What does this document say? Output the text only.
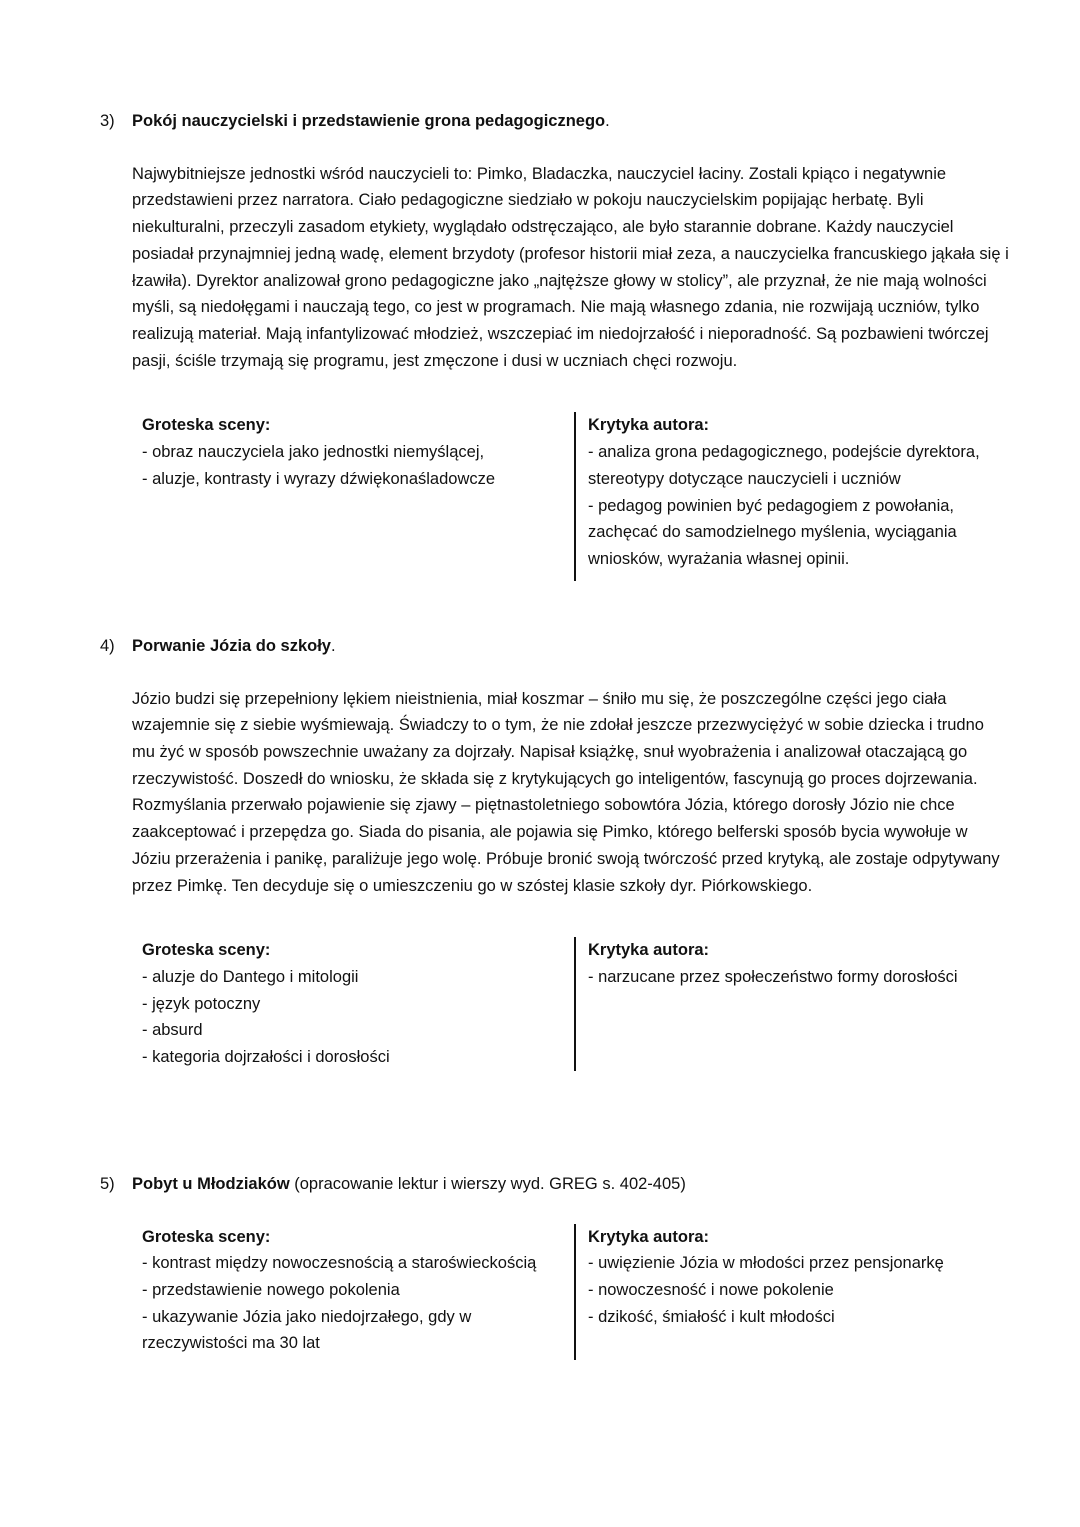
3) Pokój nauczycielski i przedstawienie grona pedagogicznego.

Najwybitniejsze jednostki wśród nauczycieli to: Pimko, Bladaczka, nauczyciel łaciny. Zostali kpiąco i negatywnie przedstawieni przez narratora. Ciało pedagogiczne siedziało w pokoju nauczycielskim popijając herbatę. Byli niekulturalni, przeczyli zasadom etykiety, wyglądało odstręczająco, ale było starannie dobrane. Każdy nauczyciel posiadał przynajmniej jedną wadę, element brzydoty (profesor historii miał zeza, a nauczycielka francuskiego jąkała się i łzawiła). Dyrektor analizował grono pedagogiczne jako „najtęższe głowy w stolicy”, ale przyznał, że nie mają wolności myśli, są niedołęgami i nauczają tego, co jest w programach. Nie mają własnego zdania, nie rozwijają uczniów, tylko realizują materiał. Mają infantylizować młodzież, wszczepiać im niedojrzałość i nieporadność. Są pozbawieni twórczej pasji, ściśle trzymają się programu, jest zmęczone i dusi w uczniach chęci rozwoju.

Groteska sceny:
- obraz nauczyciela jako jednostki niemyślącej,
- aluzje, kontrasty i wyrazy dźwiękonaśladowcze
Krytyka autora:
- analiza grona pedagogicznego, podejście dyrektora, stereotypy dotyczące nauczycieli i uczniów
- pedagog powinien być pedagogiem z powołania, zachęcać do samodzielnego myślenia, wyciągania wniosków, wyrażania własnej opinii.
4) Porwanie Józia do szkoły.

Józio budzi się przepełniony lękiem nieistnienia, miał koszmar – śniło mu się, że poszczególne części jego ciała wzajemnie się z siebie wyśmiewają. Świadczy to o tym, że nie zdołał jeszcze przezwyciężyć w sobie dziecka i trudno mu żyć w sposób powszechnie uważany za dojrzały. Napisał książkę, snuł wyobrażenia i analizował otaczającą go rzeczywistość. Doszedł do wniosku, że składa się z krytykujących go inteligentów, fascynują go proces dojrzewania. Rozmyślania przerwało pojawienie się zjawy – piętnastoletniego sobowtóra Józia, którego dorosły Józio nie chce zaakceptować i przepędza go. Siada do pisania, ale pojawia się Pimko, którego belferski sposób bycia wywołuje w Józiu przerażenia i panikę, paraliżuje jego wolę. Próbuje bronić swoją twórczość przed krytyką, ale zostaje odpytywany przez Pimkę. Ten decyduje się o umieszczeniu go w szóstej klasie szkoły dyr. Piórkowskiego.

Groteska sceny:
- aluzje do Dantego i mitologii
- język potoczny
- absurd
- kategoria dojrzałości i dorosłości
Krytyka autora:
- narzucane przez społeczeństwo formy dorosłości
5) Pobyt u Młodziaków (opracowanie lektur i wierszy wyd. GREG s. 402-405)
Groteska sceny:
- kontrast między nowoczesnością a staroświeckością
- przedstawienie nowego pokolenia
- ukazywanie Józia jako niedojrzałego, gdy w rzeczywistości ma 30 lat
Krytyka autora:
- uwięzienie Józia w młodości przez pensjonarkę
- nowoczesność i nowe pokolenie
- dzikość, śmiałość i kult młodości
